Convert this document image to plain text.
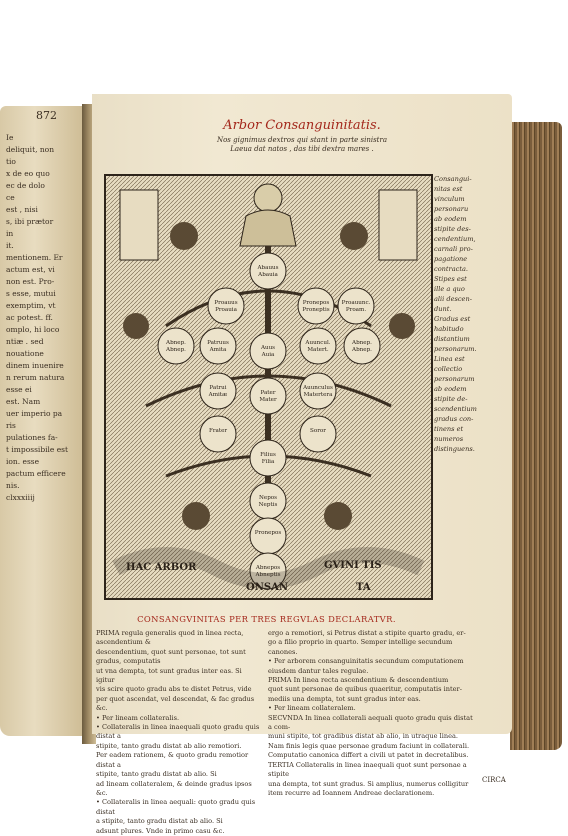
872
Ie
deliquit, non
tio
x de eo quo
ec de dolo
ce
est , nisi
s, ibi prætor
in
it.
mentionem. Er
actum est, vi
non est. Pro-
s esse, mutui
exemptim, vt
ac potest. ff.
omplo, hi loco
ntiæ . sed
nouatione
dinem inuenire
n rerum natura
esse ei
est. Nam
uer imperio pa
ris
pulationes fa-
t impossibile est
ion. esse
pactum efficere
nis.
clxxxiiij
Arbor Consanguinitatis.
Nos gignimus dextros qui stant in parte sinistra
Laeua dat natos , das tibi dextra mares .
Abauus
Abauia
Proauus
Proauia
Pronepos
Proneptis
Proauunc.
Proam.
Abnep.
Abnep.
Patruus
Amita	Auus
Auia
Auuncul.
Matert.
Abnep.
Abnep.
Patrui
Amitæ	Pater
Mater
Auunculus
Matertera
Frater	Soror
Filius
Filia
Nepos
Neptis
Pronepos
Abnepos
Abneptis
HAC ARBOR
ONSAN
GVINI TIS
TA
Consangui-
nitas est
vinculum
personaru
ab eodem
stipite des-
cendentium,
carnali pro-
pagatione
contracta.
Stipes est
ille a quo
alii descen-
dunt.
Gradus est
habitudo
distantium
personarum.
Linea est
collectio
personarum
ab eodem
stipite de-
scendentium
gradus con-
tinens et
numeros
distinguens.
CONSANGVINITAS PER TRES REGVLAS DECLARATVR.
PRIMA regula generalis quod in linea recta, ascendentium &
descendentium, quot sunt personae, tot sunt gradus, computatis
ut vna dempta, tot sunt gradus inter eas. Si igitur
vis scire quoto gradu abs te distet Petrus, vide
per quot ascendat, vel descendat, & fac gradus &c.
• Per lineam collateralis.
• Collateralis in linea inaequali quoto gradu quis distat a
stipite, tanto gradu distat ab alio remotiori.
Per eadem rationem, & quoto gradu remotior distat a
stipite, tanto gradu distat ab alio. Si
ad lineam collateralem, & deinde gradus ipsos &c.
• Collateralis in linea aequali: quoto gradu quis distat
a stipite, tanto gradu distat ab alio. Si
adsunt plures. Vnde in primo casu &c.
ergo a remotiori, si Petrus distat a stipite quarto gradu, er-
go a filio proprio in quarto. Semper intellige secundum canones.
• Per arborem consanguinitatis secundum computationem
eiusdem dantur tales regulae.
PRIMA In linea recta ascendentium & descendentium
quot sunt personae de quibus quaeritur, computatis inter-
mediis una dempta, tot sunt gradus inter eas.
• Per lineam collateralem.
SECVNDA In linea collaterali aequali quoto gradu quis distat a com-
muni stipite, tot gradibus distat ab alio, in utraque linea.
Nam finis legis quae personae gradum faciunt in collaterali.
Computatio canonica differt a civili ut patet in decretalibus.
TERTIA Collateralis in linea inaequali quot sunt personae a stipite
una dempta, tot sunt gradus. Si amplius, numerus colligitur
item recurre ad Ioannem Andreae declarationem.
CIRCA
